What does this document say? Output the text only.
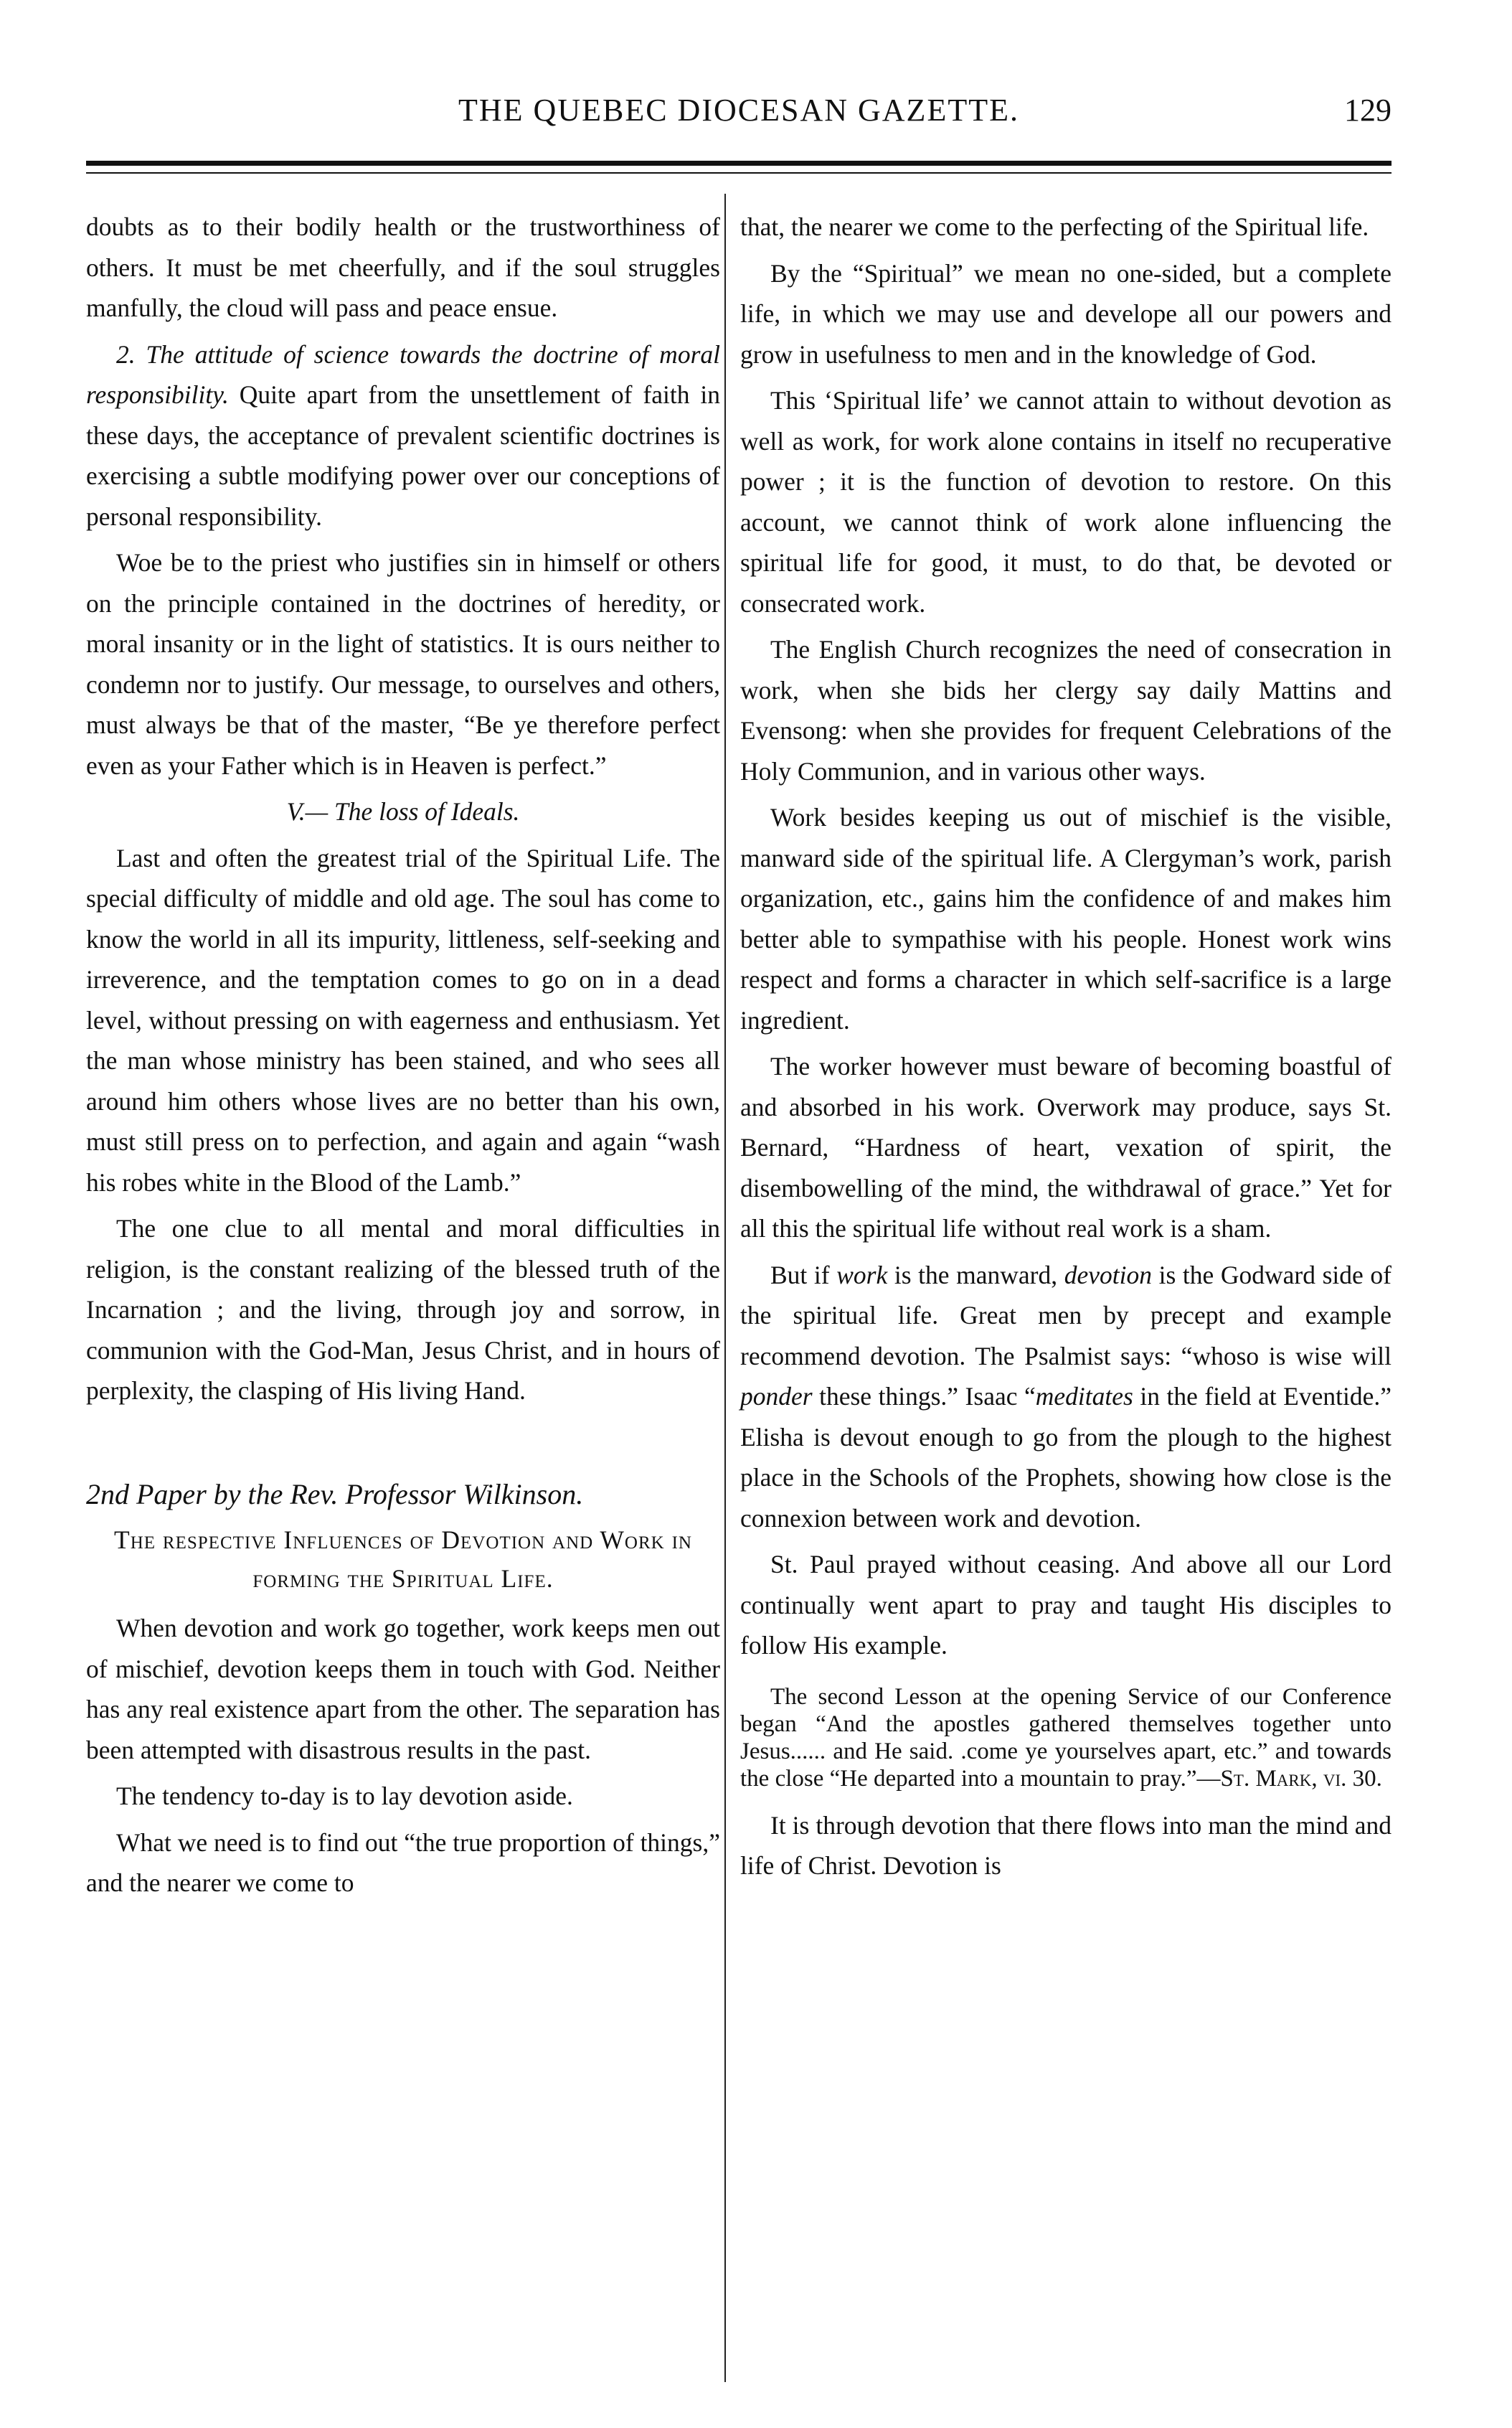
THE QUEBEC DIOCESAN GAZETTE.	129

doubts as to their bodily health or the trustworthiness of others. It must be met cheerfully, and if the soul struggles manfully, the cloud will pass and peace ensue.

2. The attitude of science towards the doctrine of moral responsibility. Quite apart from the unsettlement of faith in these days, the acceptance of prevalent scientific doctrines is exercising a subtle modifying power over our conceptions of personal responsibility.

Woe be to the priest who justifies sin in himself or others on the principle contained in the doctrines of heredity, or moral insanity or in the light of statistics. It is ours neither to condemn nor to justify. Our message, to ourselves and others, must always be that of the master, “Be ye therefore perfect even as your Father which is in Heaven is perfect.”

V.— The loss of Ideals.

Last and often the greatest trial of the Spiritual Life. The special difficulty of middle and old age. The soul has come to know the world in all its impurity, littleness, self-seeking and irreverence, and the temptation comes to go on in a dead level, without pressing on with eagerness and enthusiasm. Yet the man whose ministry has been stained, and who sees all around him others whose lives are no better than his own, must still press on to perfection, and again and again “wash his robes white in the Blood of the Lamb.”

The one clue to all mental and moral difficulties in religion, is the constant realizing of the blessed truth of the Incarnation ; and the living, through joy and sorrow, in communion with the God-Man, Jesus Christ, and in hours of perplexity, the clasping of His living Hand.

2nd Paper by the Rev. Professor Wilkinson.

The respective Influences of Devotion and Work in forming the Spiritual Life.

When devotion and work go together, work keeps men out of mischief, devotion keeps them in touch with God. Neither has any real existence apart from the other. The separation has been attempted with disastrous results in the past.

The tendency to-day is to lay devotion aside.

What we need is to find out “the true proportion of things,” and the nearer we come to

that, the nearer we come to the perfecting of the Spiritual life.

By the “Spiritual” we mean no one-sided, but a complete life, in which we may use and develope all our powers and grow in usefulness to men and in the knowledge of God.

This ‘Spiritual life’ we cannot attain to without devotion as well as work, for work alone contains in itself no recuperative power ; it is the function of devotion to restore. On this account, we cannot think of work alone influencing the spiritual life for good, it must, to do that, be devoted or consecrated work.

The English Church recognizes the need of consecration in work, when she bids her clergy say daily Mattins and Evensong: when she provides for frequent Celebrations of the Holy Communion, and in various other ways.

Work besides keeping us out of mischief is the visible, manward side of the spiritual life. A Clergyman’s work, parish organization, etc., gains him the confidence of and makes him better able to sympathise with his people. Honest work wins respect and forms a character in which self-sacrifice is a large ingredient.

The worker however must beware of becoming boastful of and absorbed in his work. Overwork may produce, says St. Bernard, “Hardness of heart, vexation of spirit, the disembowelling of the mind, the withdrawal of grace.” Yet for all this the spiritual life without real work is a sham.

But if work is the manward, devotion is the Godward side of the spiritual life. Great men by precept and example recommend devotion. The Psalmist says: “whoso is wise will ponder these things.” Isaac “meditates in the field at Eventide.” Elisha is devout enough to go from the plough to the highest place in the Schools of the Prophets, showing how close is the connexion between work and devotion.

St. Paul prayed without ceasing. And above all our Lord continually went apart to pray and taught His disciples to follow His example.

The second Lesson at the opening Service of our Conference began “And the apostles gathered themselves together unto Jesus...... and He said. .come ye yourselves apart, etc.” and towards the close “He departed into a mountain to pray.”—St. Mark, vi. 30.

It is through devotion that there flows into man the mind and life of Christ. Devotion is
